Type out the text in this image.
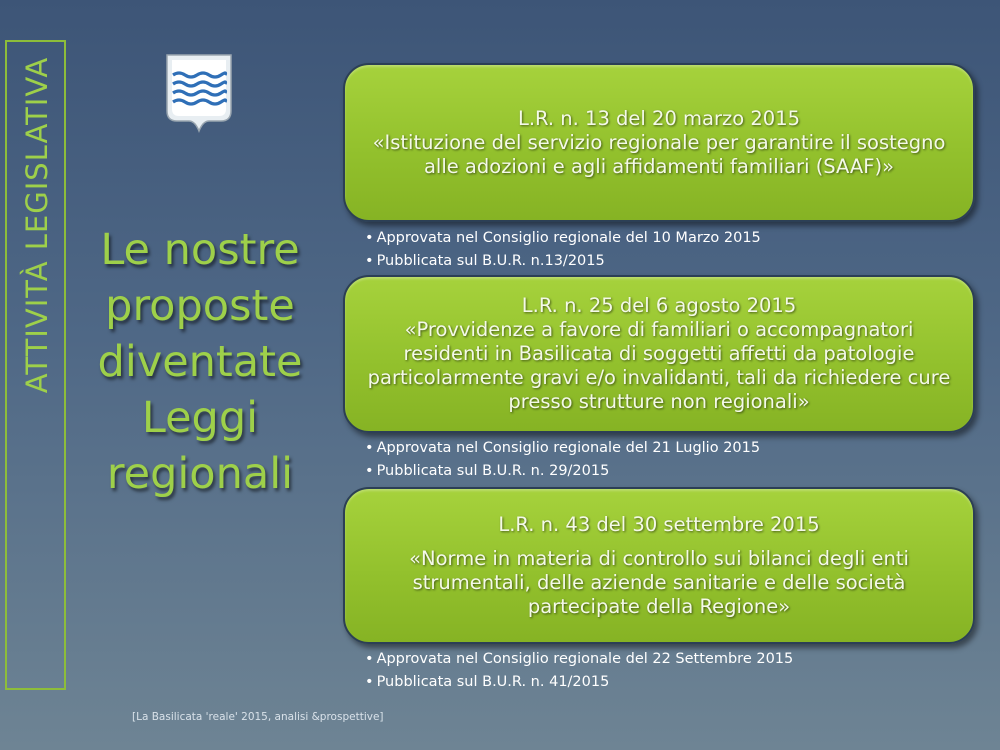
ATTIVITÀ LEGISLATIVA	Le nostre
proposte
diventate
Leggi
regionali
L.R. n. 13 del 20 marzo 2015
«Istituzione del servizio regionale per garantire il sostegno alle adozioni e agli affidamenti familiari (SAAF)»
• Approvata nel Consiglio regionale del 10 Marzo 2015
• Pubblicata sul B.U.R. n.13/2015
L.R. n. 25 del 6 agosto 2015
«Provvidenze a favore di familiari o accompagnatori residenti in Basilicata di soggetti affetti da patologie particolarmente gravi e/o invalidanti, tali da richiedere cure presso strutture non regionali»
• Approvata nel Consiglio regionale del 21 Luglio 2015
• Pubblicata sul B.U.R. n. 29/2015
L.R. n. 43 del 30 settembre 2015
«Norme in materia di controllo sui bilanci degli enti strumentali, delle aziende sanitarie e delle società partecipate della Regione»
• Approvata nel Consiglio regionale del 22 Settembre 2015
• Pubblicata sul B.U.R. n. 41/2015
[La Basilicata 'reale' 2015, analisi &prospettive]
